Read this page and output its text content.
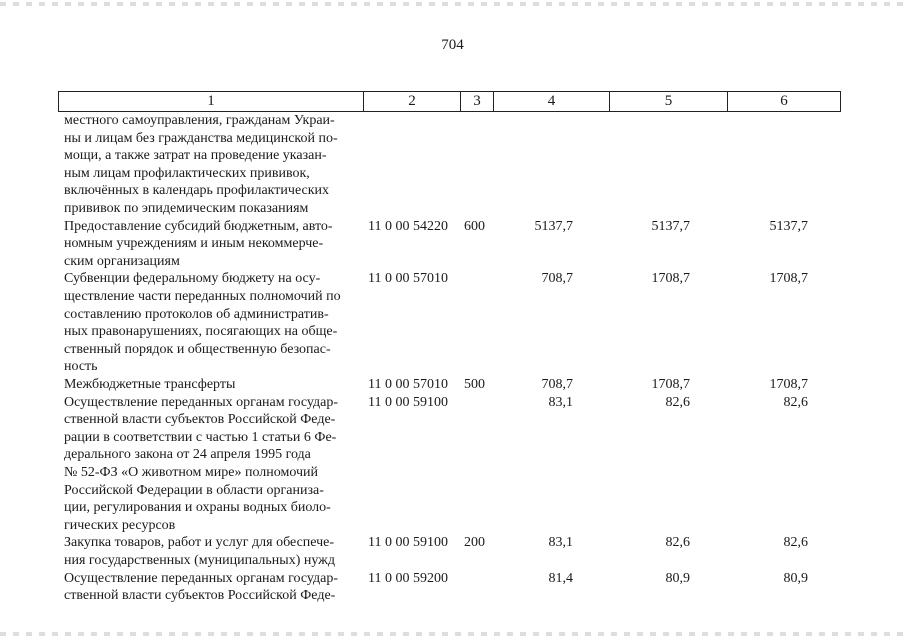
704
1	2	3	4	5	6
местного самоуправления, гражданам Украи-
ны и лицам без гражданства медицинской по-
мощи, а также затрат на проведение указан-
ным лицам профилактических прививок,
включённых в календарь профилактических
прививок по эпидемическим показаниям
Предоставление субсидий бюджетным, авто-
номным учреждениям и иным некоммерче-
ским организациям
11 0 00 54220 600	5137,7	5137,7	5137,7
Субвенции федеральному бюджету на осу-
ществление части переданных полномочий по
составлению протоколов об административ-
ных правонарушениях, посягающих на обще-
ственный порядок и общественную безопас-
ность
11 0 00 57010	708,7	1708,7	1708,7
Межбюджетные трансферты	11 0 00 57010 500	708,7	1708,7	1708,7
Осуществление переданных органам государ-
ственной власти субъектов Российской Феде-
рации в соответствии с частью 1 статьи 6 Фе-
дерального закона от 24 апреля 1995 года
№ 52-ФЗ «О животном мире» полномочий
Российской Федерации в области организа-
ции, регулирования и охраны водных биоло-
гических ресурсов
11 0 00 59100	83,1	82,6	82,6
Закупка товаров, работ и услуг для обеспече-
ния государственных (муниципальных) нужд
11 0 00 59100 200	83,1	82,6	82,6
Осуществление переданных органам государ-
ственной власти субъектов Российской Феде-
11 0 00 59200	81,4	80,9	80,9
